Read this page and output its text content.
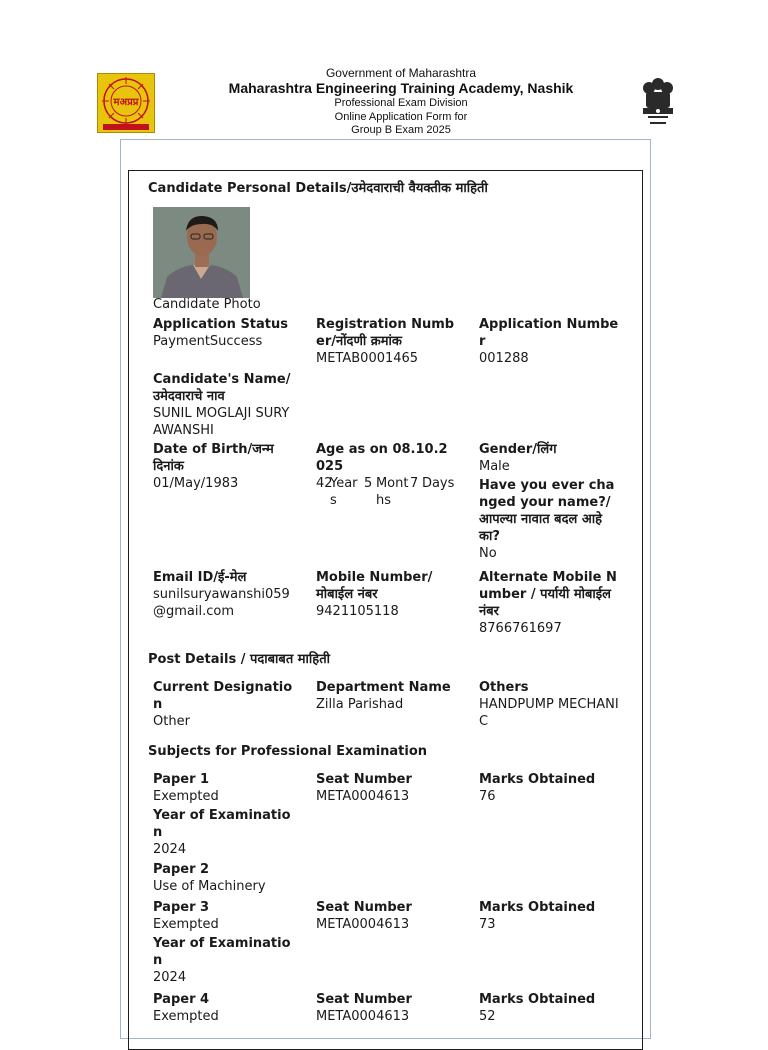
मअप्रप्र
Government of Maharashtra
Maharashtra Engineering Training Academy, Nashik
Professional Exam Division
Online Application Form for
Group B Exam 2025
Candidate Personal Details/उमेदवाराची वैयक्तीक माहिती
Candidate Photo
Application Status
PaymentSuccess
Registration Number/नोंदणी क्रमांक
METAB0001465
Application Number
001288
Candidate's Name/ उमेदवाराचे नाव
SUNIL MOGLAJI SURYAWANSHI
Date of Birth/जन्म दिनांक
01/May/1983
Age as on 08.10.2025
42
Years
5 Months
7 Days
Gender/लिंग
Male
Have you ever changed your name?/आपल्या नावात बदल आहे का?
No
Email ID/ई-मेल
sunilsuryawanshi059@gmail.com
Mobile Number/ मोबाईल नंबर
9421105118
Alternate Mobile Number / पर्यायी मोबाईल नंबर
8766761697
Post Details / पदाबाबत माहिती
Current Designation
Other
Department Name
Zilla Parishad
Others
HANDPUMP MECHANIC
Subjects for Professional Examination
Paper 1
Exempted
Seat Number
META0004613
Marks Obtained
76
Year of Examination
2024
Paper 2
Use of Machinery
Paper 3
Exempted
Seat Number
META0004613
Marks Obtained
73
Year of Examination
2024
Paper 4
Exempted
Seat Number
META0004613
Marks Obtained
52
